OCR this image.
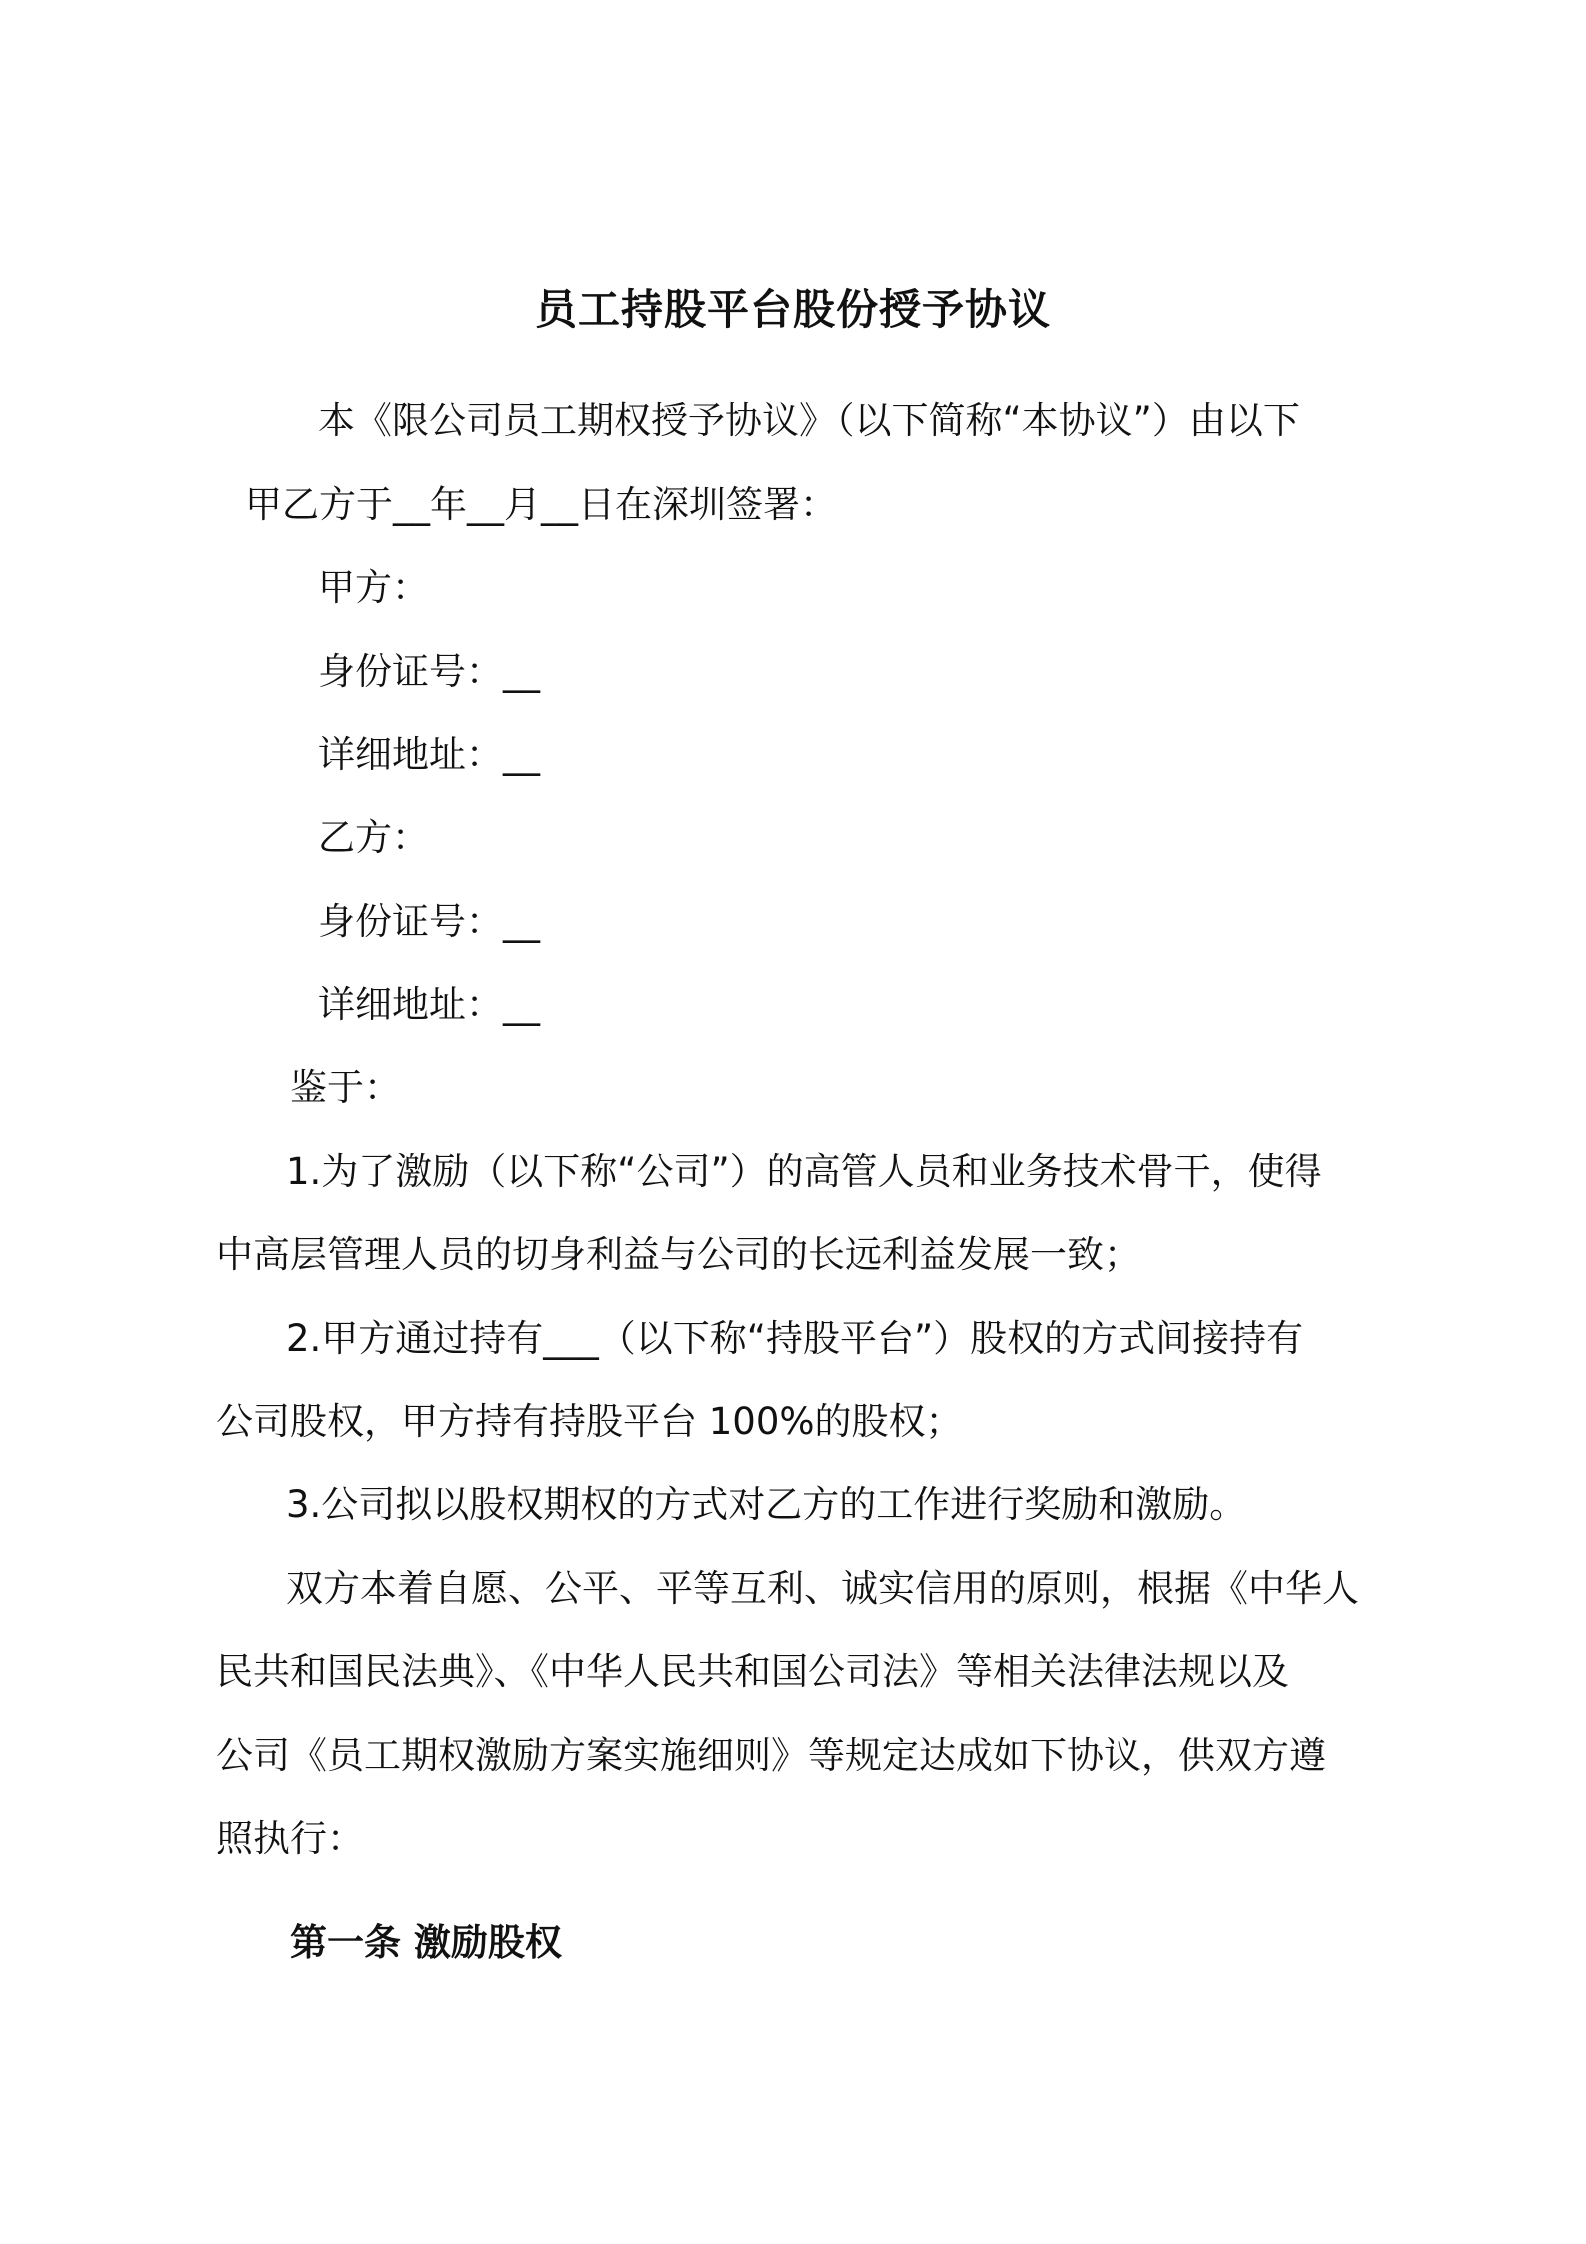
员工持股平台股份授予协议
本《限公司员工期权授予协议》（以下简称“本协议”）由以下
甲乙方于__年__月__日在深圳签署：
甲方：
身份证号：__
详细地址：__
乙方：
身份证号：__
详细地址：__
鉴于：
1.为了激励（以下称“公司”）的高管人员和业务技术骨干，使得
中高层管理人员的切身利益与公司的长远利益发展一致；
2.甲方通过持有___（以下称“持股平台”）股权的方式间接持有
公司股权，甲方持有持股平台 100%的股权；
3.公司拟以股权期权的方式对乙方的工作进行奖励和激励。
双方本着自愿、公平、平等互利、诚实信用的原则，根据《中华人
民共和国民法典》、《中华人民共和国公司法》等相关法律法规以及
公司《员工期权激励方案实施细则》等规定达成如下协议，供双方遵
照执行：
第一条 激励股权
